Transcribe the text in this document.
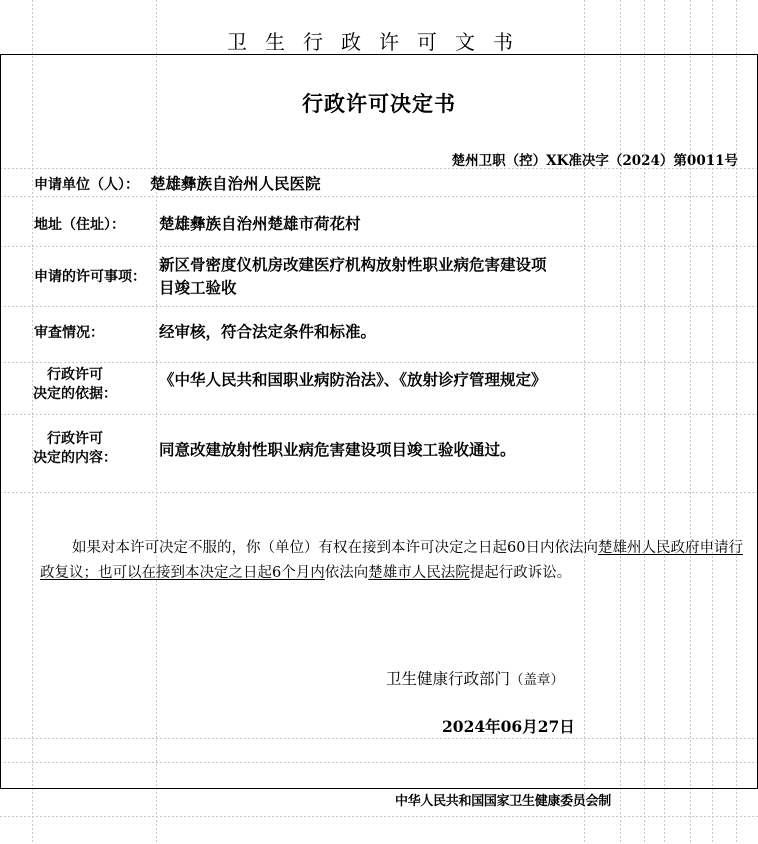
卫生行政许可文书
行政许可决定书
楚州卫职（控）XK准决字（2024）第0011号
申请单位（人）： 楚雄彝族自治州人民医院
地址（住址）： 楚雄彝族自治州楚雄市荷花村
申请的许可事项：
新区骨密度仪机房改建医疗机构放射性职业病危害建设项
目竣工验收
审查情况：	经审核，符合法定条件和标准。
行政许可
决定的依据：
《中华人民共和国职业病防治法》、《放射诊疗管理规定》
行政许可
决定的内容：	同意改建放射性职业病危害建设项目竣工验收通过。
如果对本许可决定不服的，你（单位）有权在接到本许可决定之日起60日内依法向楚雄州人民政府申请行政复议；也可以在接到本决定之日起6个月内依法向楚雄市人民法院提起行政诉讼。
卫生健康行政部门（盖章）
2024年06月27日
中华人民共和国国家卫生健康委员会制
